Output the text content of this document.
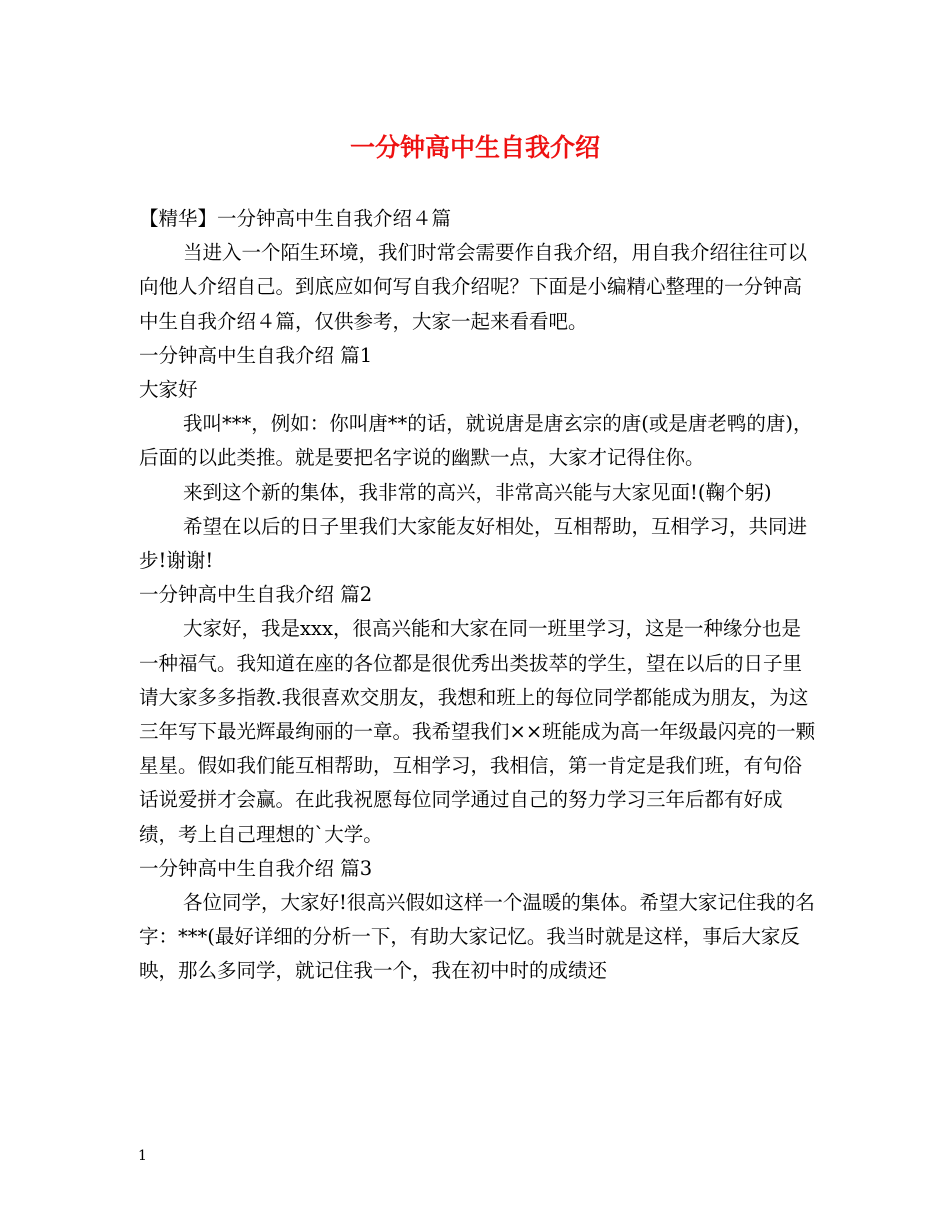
一分钟高中生自我介绍

【精华】一分钟高中生自我介绍４篇

当进入一个陌生环境，我们时常会需要作自我介绍，用自我介绍往往可以向他人介绍自己。到底应如何写自我介绍呢？下面是小编精心整理的一分钟高中生自我介绍４篇，仅供参考，大家一起来看看吧。

一分钟高中生自我介绍 篇1

大家好

我叫***，例如：你叫唐**的话，就说唐是唐玄宗的唐(或是唐老鸭的唐)，后面的以此类推。就是要把名字说的幽默一点，大家才记得住你。

来到这个新的集体，我非常的高兴，非常高兴能与大家见面!(鞠个躬)

希望在以后的日子里我们大家能友好相处，互相帮助，互相学习，共同进步!谢谢!

一分钟高中生自我介绍 篇2

大家好，我是xxx，很高兴能和大家在同一班里学习，这是一种缘分也是一种福气。我知道在座的各位都是很优秀出类拔萃的学生，望在以后的日子里请大家多多指教.我很喜欢交朋友，我想和班上的每位同学都能成为朋友，为这三年写下最光辉最绚丽的一章。我希望我们××班能成为高一年级最闪亮的一颗星星。假如我们能互相帮助，互相学习，我相信，第一肯定是我们班，有句俗话说爱拼才会赢。在此我祝愿每位同学通过自己的努力学习三年后都有好成绩，考上自己理想的`大学。

一分钟高中生自我介绍 篇3

各位同学，大家好!很高兴假如这样一个温暖的集体。希望大家记住我的名字：***(最好详细的分析一下，有助大家记忆。我当时就是这样，事后大家反映，那么多同学，就记住我一个，我在初中时的成绩还

1
